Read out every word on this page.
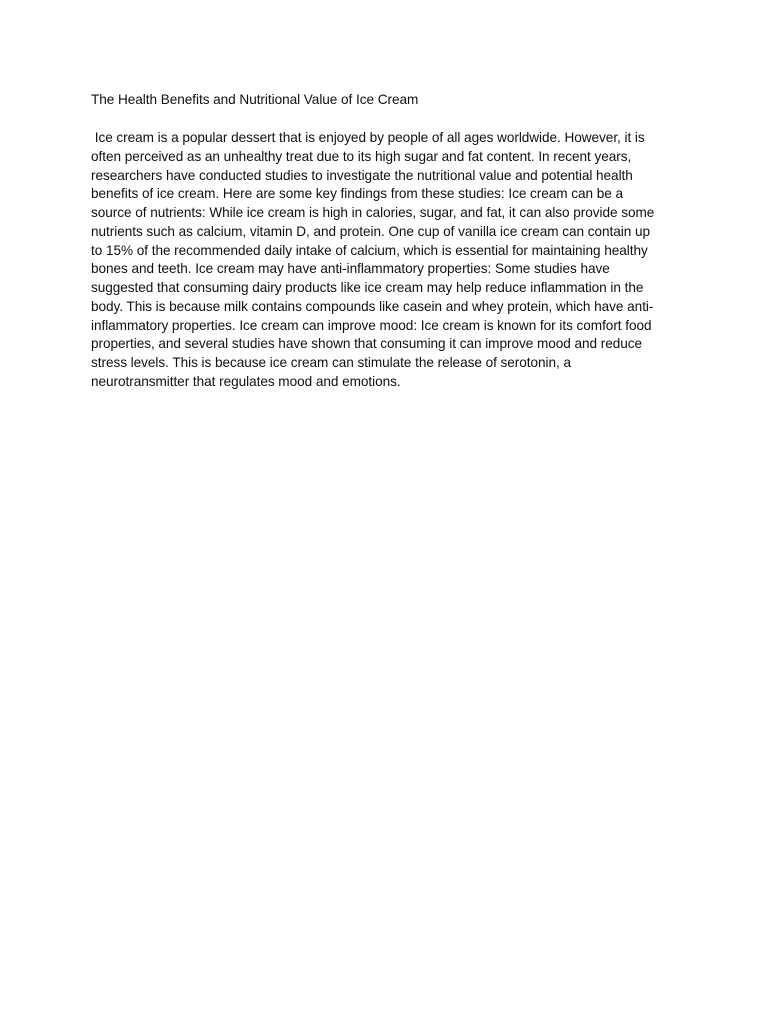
The Health Benefits and Nutritional Value of Ice Cream
Ice cream is a popular dessert that is enjoyed by people of all ages worldwide. However, it is
often perceived as an unhealthy treat due to its high sugar and fat content. In recent years,
researchers have conducted studies to investigate the nutritional value and potential health
benefits of ice cream. Here are some key findings from these studies: Ice cream can be a
source of nutrients: While ice cream is high in calories, sugar, and fat, it can also provide some
nutrients such as calcium, vitamin D, and protein. One cup of vanilla ice cream can contain up
to 15% of the recommended daily intake of calcium, which is essential for maintaining healthy
bones and teeth. Ice cream may have anti-inflammatory properties: Some studies have
suggested that consuming dairy products like ice cream may help reduce inflammation in the
body. This is because milk contains compounds like casein and whey protein, which have anti-
inflammatory properties. Ice cream can improve mood: Ice cream is known for its comfort food
properties, and several studies have shown that consuming it can improve mood and reduce
stress levels. This is because ice cream can stimulate the release of serotonin, a
neurotransmitter that regulates mood and emotions.
